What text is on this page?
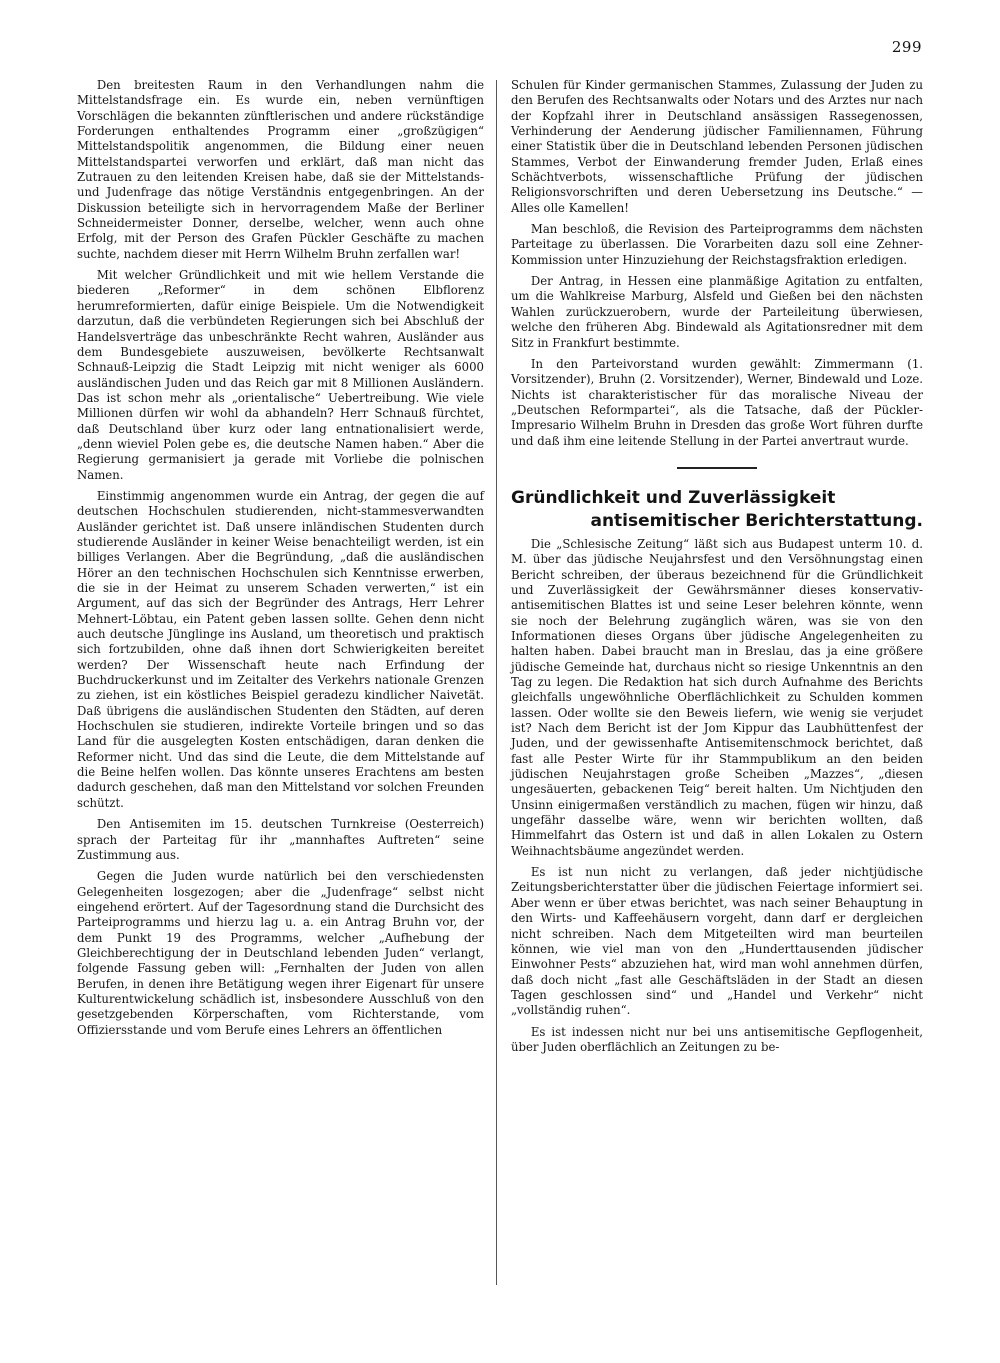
299

Den breitesten Raum in den Verhandlungen nahm die Mittelstandsfrage ein. Es wurde ein, neben vernünftigen Vorschlägen die bekannten zünftlerischen und andere rückständige Forderungen enthaltendes Programm einer „großzügigen“ Mittelstandspolitik angenommen, die Bildung einer neuen Mittelstandspartei verworfen und erklärt, daß man nicht das Zutrauen zu den leitenden Kreisen habe, daß sie der Mittelstands- und Judenfrage das nötige Verständnis entgegenbringen. An der Diskussion beteiligte sich in hervorragendem Maße der Berliner Schneidermeister Donner, derselbe, welcher, wenn auch ohne Erfolg, mit der Person des Grafen Pückler Geschäfte zu machen suchte, nachdem dieser mit Herrn Wilhelm Bruhn zerfallen war!

Mit welcher Gründlichkeit und mit wie hellem Verstande die biederen „Reformer“ in dem schönen Elbflorenz herumreformierten, dafür einige Beispiele. Um die Notwendigkeit darzutun, daß die verbündeten Regierungen sich bei Abschluß der Handelsverträge das unbeschränkte Recht wahren, Ausländer aus dem Bundesgebiete auszuweisen, bevölkerte Rechtsanwalt Schnauß-Leipzig die Stadt Leipzig mit nicht weniger als 6000 ausländischen Juden und das Reich gar mit 8 Millionen Ausländern. Das ist schon mehr als „orientalische“ Uebertreibung. Wie viele Millionen dürfen wir wohl da abhandeln? Herr Schnauß fürchtet, daß Deutschland über kurz oder lang entnationalisiert werde, „denn wieviel Polen gebe es, die deutsche Namen haben.“ Aber die Regierung germanisiert ja gerade mit Vorliebe die polnischen Namen.

Einstimmig angenommen wurde ein Antrag, der gegen die auf deutschen Hochschulen studierenden, nicht-stammesverwandten Ausländer gerichtet ist. Daß unsere inländischen Studenten durch studierende Ausländer in keiner Weise benachteiligt werden, ist ein billiges Verlangen. Aber die Begründung, „daß die ausländischen Hörer an den technischen Hochschulen sich Kenntnisse erwerben, die sie in der Heimat zu unserem Schaden verwerten,“ ist ein Argument, auf das sich der Begründer des Antrags, Herr Lehrer Mehnert-Löbtau, ein Patent geben lassen sollte. Gehen denn nicht auch deutsche Jünglinge ins Ausland, um theoretisch und praktisch sich fortzubilden, ohne daß ihnen dort Schwierigkeiten bereitet werden? Der Wissenschaft heute nach Erfindung der Buchdruckerkunst und im Zeitalter des Verkehrs nationale Grenzen zu ziehen, ist ein köstliches Beispiel geradezu kindlicher Naivetät. Daß übrigens die ausländischen Studenten den Städten, auf deren Hochschulen sie studieren, indirekte Vorteile bringen und so das Land für die ausgelegten Kosten entschädigen, daran denken die Reformer nicht. Und das sind die Leute, die dem Mittelstande auf die Beine helfen wollen. Das könnte unseres Erachtens am besten dadurch geschehen, daß man den Mittelstand vor solchen Freunden schützt.

Den Antisemiten im 15. deutschen Turnkreise (Oesterreich) sprach der Parteitag für ihr „mannhaftes Auftreten“ seine Zustimmung aus.

Gegen die Juden wurde natürlich bei den verschiedensten Gelegenheiten losgezogen; aber die „Judenfrage“ selbst nicht eingehend erörtert. Auf der Tagesordnung stand die Durchsicht des Parteiprogramms und hierzu lag u. a. ein Antrag Bruhn vor, der dem Punkt 19 des Programms, welcher „Aufhebung der Gleichberechtigung der in Deutschland lebenden Juden“ verlangt, folgende Fassung geben will: „Fernhalten der Juden von allen Berufen, in denen ihre Betätigung wegen ihrer Eigenart für unsere Kulturentwickelung schädlich ist, insbesondere Ausschluß von den gesetzgebenden Körperschaften, vom Richterstande, vom Offiziersstande und vom Berufe eines Lehrers an öffentlichen

Schulen für Kinder germanischen Stammes, Zulassung der Juden zu den Berufen des Rechtsanwalts oder Notars und des Arztes nur nach der Kopfzahl ihrer in Deutschland ansässigen Rassegenossen, Verhinderung der Aenderung jüdischer Familiennamen, Führung einer Statistik über die in Deutschland lebenden Personen jüdischen Stammes, Verbot der Einwanderung fremder Juden, Erlaß eines Schächtverbots, wissenschaftliche Prüfung der jüdischen Religionsvorschriften und deren Uebersetzung ins Deutsche.“ — Alles olle Kamellen!

Man beschloß, die Revision des Parteiprogramms dem nächsten Parteitage zu überlassen. Die Vorarbeiten dazu soll eine Zehner-Kommission unter Hinzuziehung der Reichstagsfraktion erledigen.

Der Antrag, in Hessen eine planmäßige Agitation zu entfalten, um die Wahlkreise Marburg, Alsfeld und Gießen bei den nächsten Wahlen zurückzuerobern, wurde der Parteileitung überwiesen, welche den früheren Abg. Bindewald als Agitationsredner mit dem Sitz in Frankfurt bestimmte.

In den Parteivorstand wurden gewählt: Zimmermann (1. Vorsitzender), Bruhn (2. Vorsitzender), Werner, Bindewald und Loze. Nichts ist charakteristischer für das moralische Niveau der „Deutschen Reformpartei“, als die Tatsache, daß der Pückler-Impresario Wilhelm Bruhn in Dresden das große Wort führen durfte und daß ihm eine leitende Stellung in der Partei anvertraut wurde.

Gründlichkeit und Zuverlässigkeit
antisemitischer Berichterstattung.

Die „Schlesische Zeitung“ läßt sich aus Budapest unterm 10. d. M. über das jüdische Neujahrsfest und den Versöhnungstag einen Bericht schreiben, der überaus bezeichnend für die Gründlichkeit und Zuverlässigkeit der Gewährsmänner dieses konservativ-antisemitischen Blattes ist und seine Leser belehren könnte, wenn sie noch der Belehrung zugänglich wären, was sie von den Informationen dieses Organs über jüdische Angelegenheiten zu halten haben. Dabei braucht man in Breslau, das ja eine größere jüdische Gemeinde hat, durchaus nicht so riesige Unkenntnis an den Tag zu legen. Die Redaktion hat sich durch Aufnahme des Berichts gleichfalls ungewöhnliche Oberflächlichkeit zu Schulden kommen lassen. Oder wollte sie den Beweis liefern, wie wenig sie verjudet ist? Nach dem Bericht ist der Jom Kippur das Laubhüttenfest der Juden, und der gewissenhafte Antisemitenschmock berichtet, daß fast alle Pester Wirte für ihr Stammpublikum an den beiden jüdischen Neujahrstagen große Scheiben „Mazzes“, „diesen ungesäuerten, gebackenen Teig“ bereit halten. Um Nichtjuden den Unsinn einigermaßen verständlich zu machen, fügen wir hinzu, daß ungefähr dasselbe wäre, wenn wir berichten wollten, daß Himmelfahrt das Ostern ist und daß in allen Lokalen zu Ostern Weihnachtsbäume angezündet werden.

Es ist nun nicht zu verlangen, daß jeder nichtjüdische Zeitungsberichterstatter über die jüdischen Feiertage informiert sei. Aber wenn er über etwas berichtet, was nach seiner Behauptung in den Wirts- und Kaffeehäusern vorgeht, dann darf er dergleichen nicht schreiben. Nach dem Mitgeteilten wird man beurteilen können, wie viel man von den „Hunderttausenden jüdischer Einwohner Pests“ abzuziehen hat, wird man wohl annehmen dürfen, daß doch nicht „fast alle Geschäftsläden in der Stadt an diesen Tagen geschlossen sind“ und „Handel und Verkehr“ nicht „vollständig ruhen“.

Es ist indessen nicht nur bei uns antisemitische Gepflogenheit, über Juden oberflächlich an Zeitungen zu be-
